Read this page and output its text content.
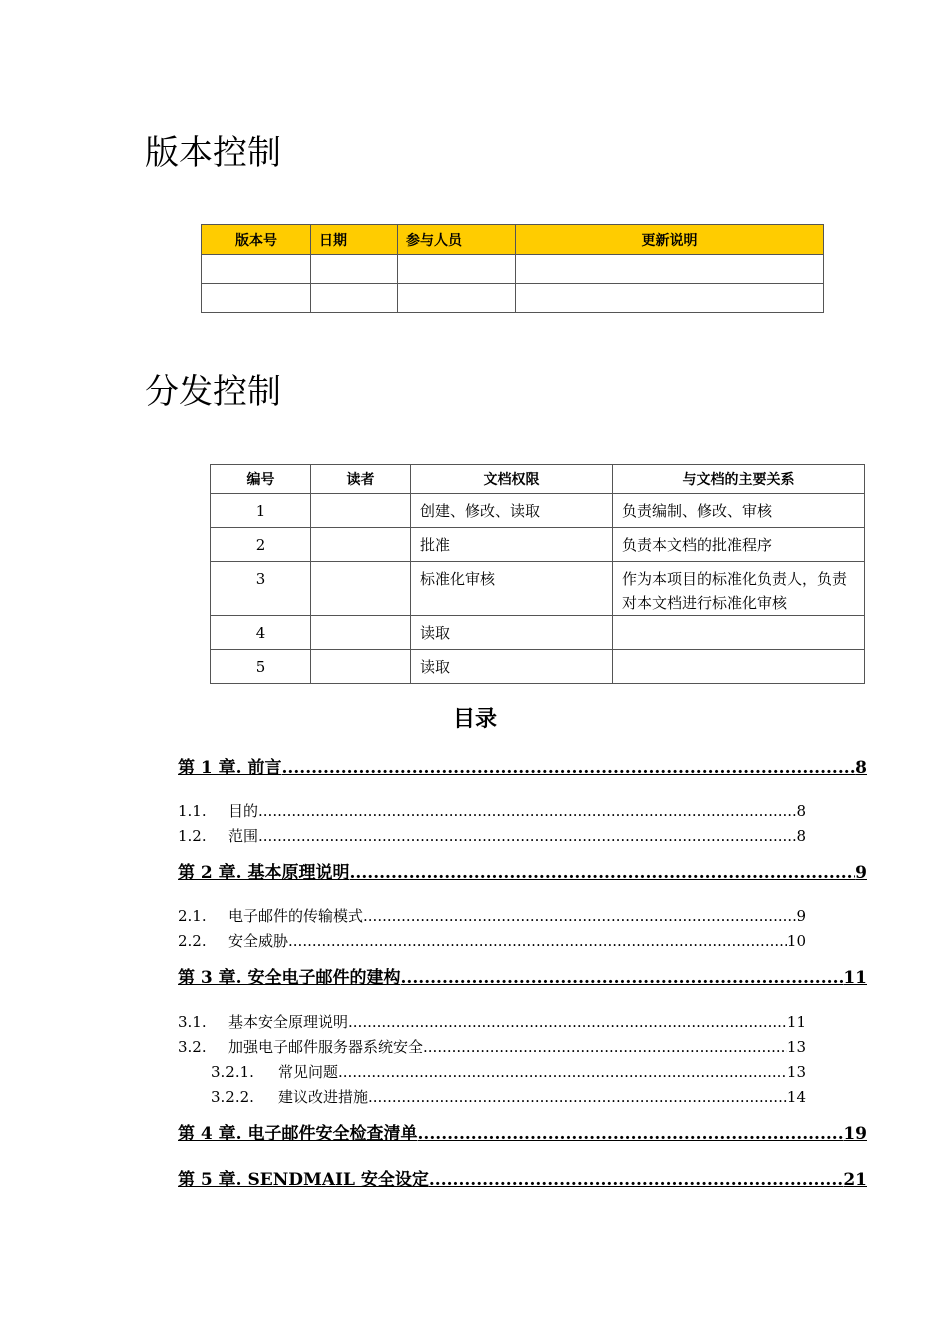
版本控制
版本号	日期	参与人员	更新说明

分发控制
编号	读者	文档权限	与文档的主要关系
1		创建、修改、读取	负责编制、修改、审核
2		批准	负责本文档的批准程序
3		标准化审核	作为本项目的标准化负责人，负责对本文档进行标准化审核
4		读取	
5		读取	
目录
第 1 章. 前言 .....	8
1.1.	目的 .....	8
1.2.	范围 .....	8
第 2 章. 基本原理说明 .....	9
2.1.	电子邮件的传输模式 .....	9
2.2.	安全威胁 .....	10
第 3 章. 安全电子邮件的建构 .....	11
3.1.	基本安全原理说明 .....	11
3.2.	加强电子邮件服务器系统安全 .....	13
3.2.1.	常见问题 .....	13
3.2.2.	建议改进措施 .....	14
第 4 章. 电子邮件安全检查清单 .....	19
第 5 章. SENDMAIL 安全设定 .....	21
